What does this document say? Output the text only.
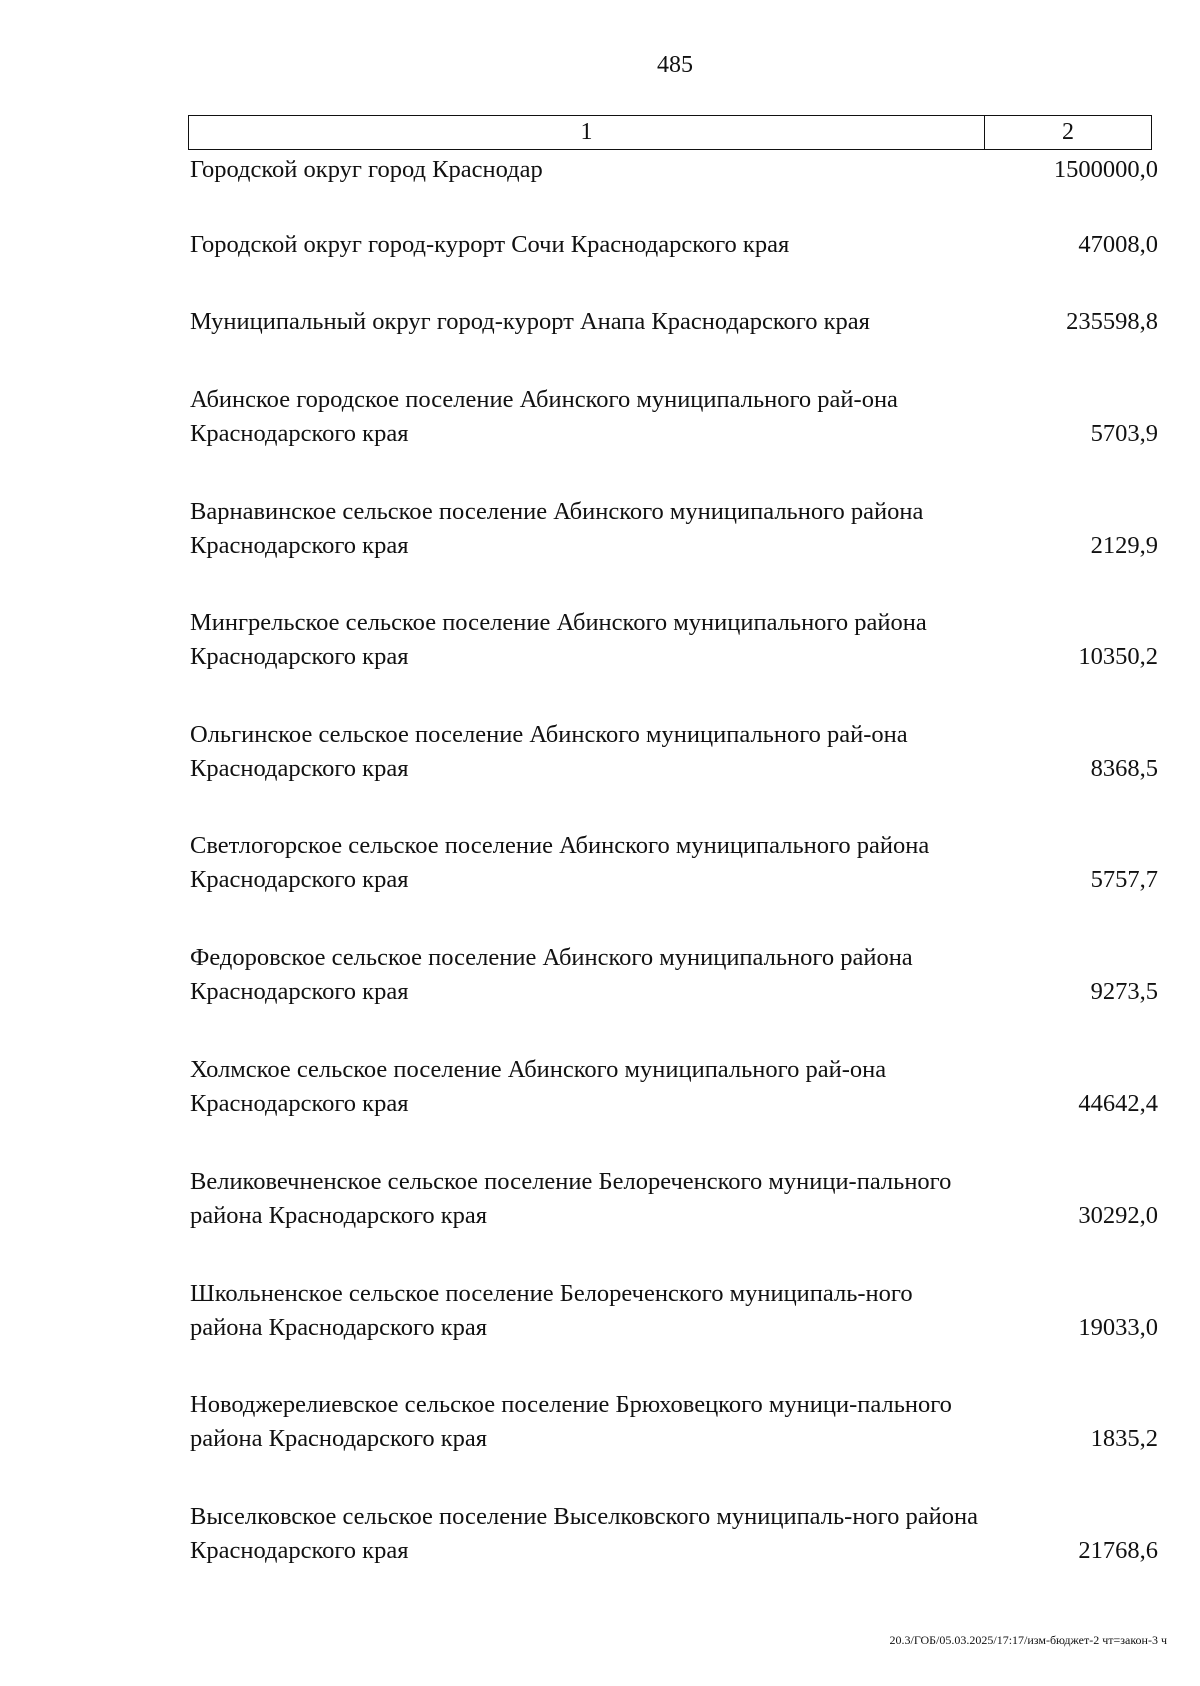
485
1	2
Городской округ город Краснодар	1500000,0
Городской округ город-курорт Сочи Краснодарского края	47008,0
Муниципальный округ город-курорт Анапа Краснодарского края	235598,8
Абинское городское поселение Абинского муниципального рай-она Краснодарского края	5703,9
Варнавинское сельское поселение Абинского муниципального района Краснодарского края	2129,9
Мингрельское сельское поселение Абинского муниципального района Краснодарского края	10350,2
Ольгинское сельское поселение Абинского муниципального рай-она Краснодарского края	8368,5
Светлогорское сельское поселение Абинского муниципального района Краснодарского края	5757,7
Федоровское сельское поселение Абинского муниципального района Краснодарского края	9273,5
Холмское сельское поселение Абинского муниципального рай-она Краснодарского края	44642,4
Великовечненское сельское поселение Белореченского муници-пального района Краснодарского края	30292,0
Школьненское сельское поселение Белореченского муниципаль-ного района Краснодарского края	19033,0
Новоджерелиевское сельское поселение Брюховецкого муници-пального района Краснодарского края	1835,2
Выселковское сельское поселение Выселковского муниципаль-ного района Краснодарского края	21768,6
20.3/ГОБ/05.03.2025/17:17/изм-бюджет-2 чт=закон-3 ч
